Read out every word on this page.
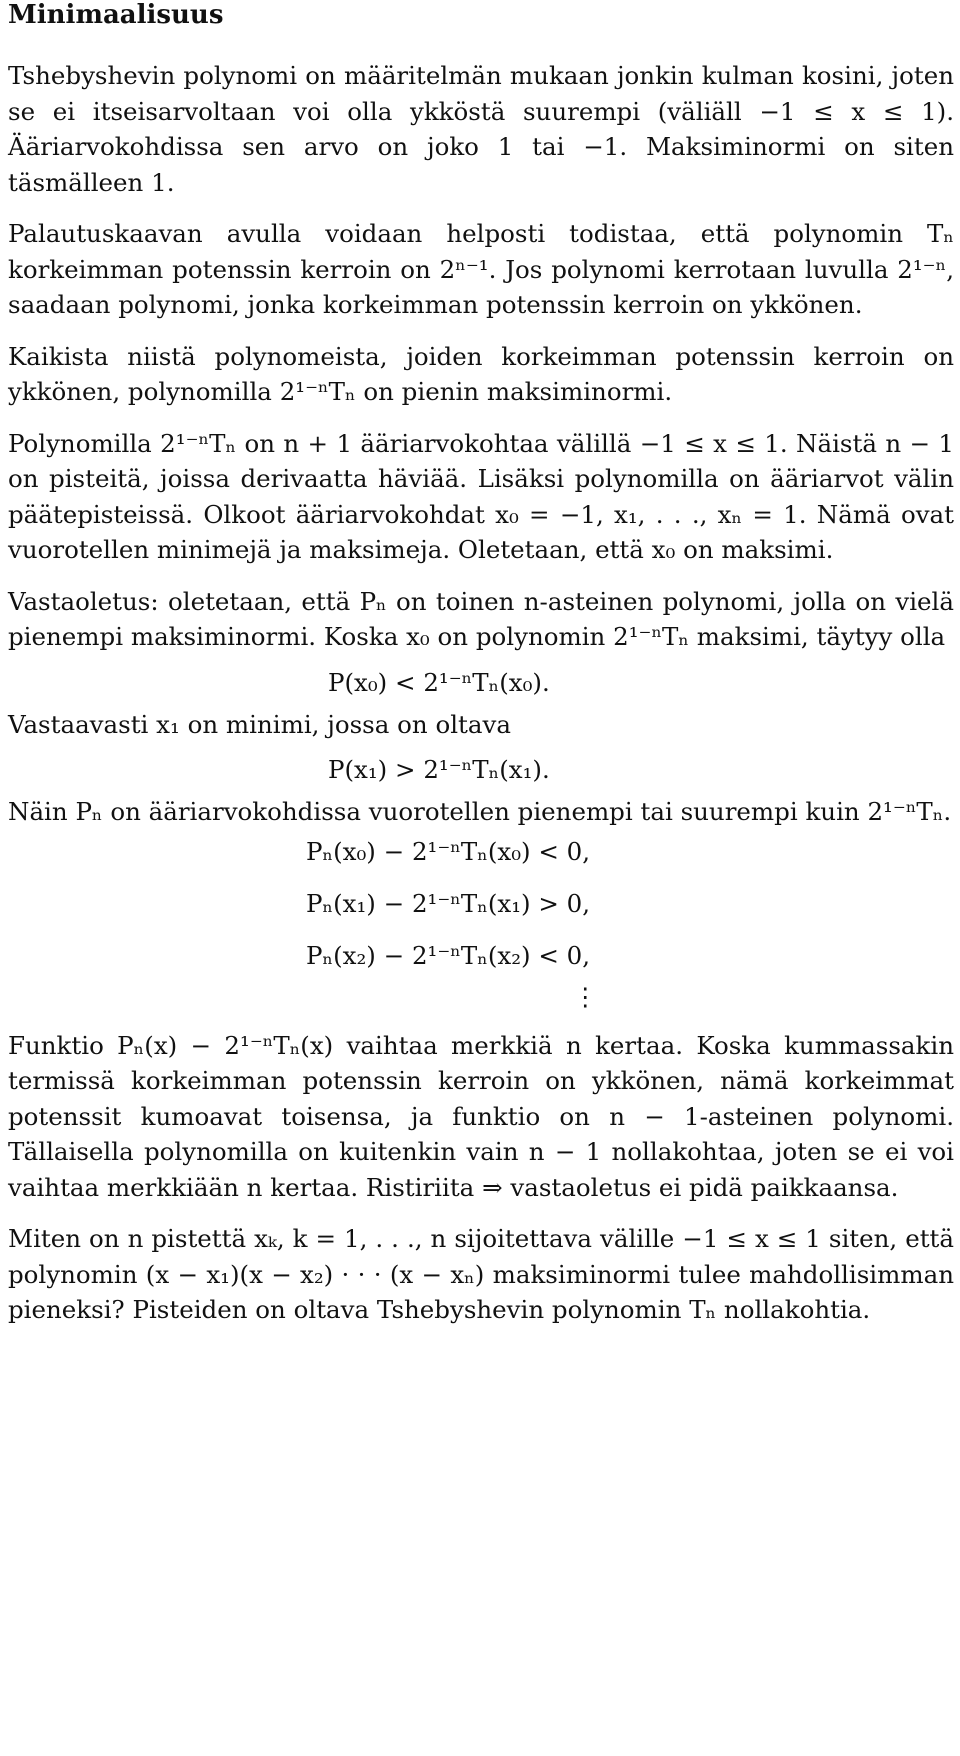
Minimaalisuus

Tshebyshevin polynomi on määritelmän mukaan jonkin kulman kosini, joten se ei itseisarvoltaan voi olla ykköstä suurempi (väliäll −1 ≤ x ≤ 1). Ääriarvokohdissa sen arvo on joko 1 tai −1. Maksiminormi on siten täsmälleen 1.

Palautuskaavan avulla voidaan helposti todistaa, että polynomin Tₙ korkeimman potenssin kerroin on 2ⁿ⁻¹. Jos polynomi kerrotaan luvulla 2¹⁻ⁿ, saadaan polynomi, jonka korkeimman potenssin kerroin on ykkönen.

Kaikista niistä polynomeista, joiden korkeimman potenssin kerroin on ykkönen, polynomilla 2¹⁻ⁿTₙ on pienin maksiminormi.

Polynomilla 2¹⁻ⁿTₙ on n + 1 ääriarvokohtaa välillä −1 ≤ x ≤ 1. Näistä n − 1 on pisteitä, joissa derivaatta häviää. Lisäksi polynomilla on ääriarvot välin päätepisteissä. Olkoot ääriarvokohdat x₀ = −1, x₁, . . ., xₙ = 1. Nämä ovat vuorotellen minimejä ja maksimeja. Oletetaan, että x₀ on maksimi.

Vastaoletus: oletetaan, että Pₙ on toinen n-asteinen polynomi, jolla on vielä pienempi maksiminormi. Koska x₀ on polynomin 2¹⁻ⁿTₙ maksimi, täytyy olla

P(x₀) < 2¹⁻ⁿTₙ(x₀).

Vastaavasti x₁ on minimi, jossa on oltava

P(x₁) > 2¹⁻ⁿTₙ(x₁).

Näin Pₙ on ääriarvokohdissa vuorotellen pienempi tai suurempi kuin 2¹⁻ⁿTₙ.

Pₙ(x₀) − 2¹⁻ⁿTₙ(x₀) < 0,
Pₙ(x₁) − 2¹⁻ⁿTₙ(x₁) > 0,
Pₙ(x₂) − 2¹⁻ⁿTₙ(x₂) < 0,
⋮

Funktio Pₙ(x) − 2¹⁻ⁿTₙ(x) vaihtaa merkkiä n kertaa. Koska kummassakin termissä korkeimman potenssin kerroin on ykkönen, nämä korkeimmat potenssit kumoavat toisensa, ja funktio on n − 1-asteinen polynomi. Tällaisella polynomilla on kuitenkin vain n − 1 nollakohtaa, joten se ei voi vaihtaa merkkiään n kertaa. Ristiriita ⇒ vastaoletus ei pidä paikkaansa.

Miten on n pistettä xₖ, k = 1, . . ., n sijoitettava välille −1 ≤ x ≤ 1 siten, että polynomin (x − x₁)(x − x₂) · · · (x − xₙ) maksiminormi tulee mahdollisimman pieneksi? Pisteiden on oltava Tshebyshevin polynomin Tₙ nollakohtia.
